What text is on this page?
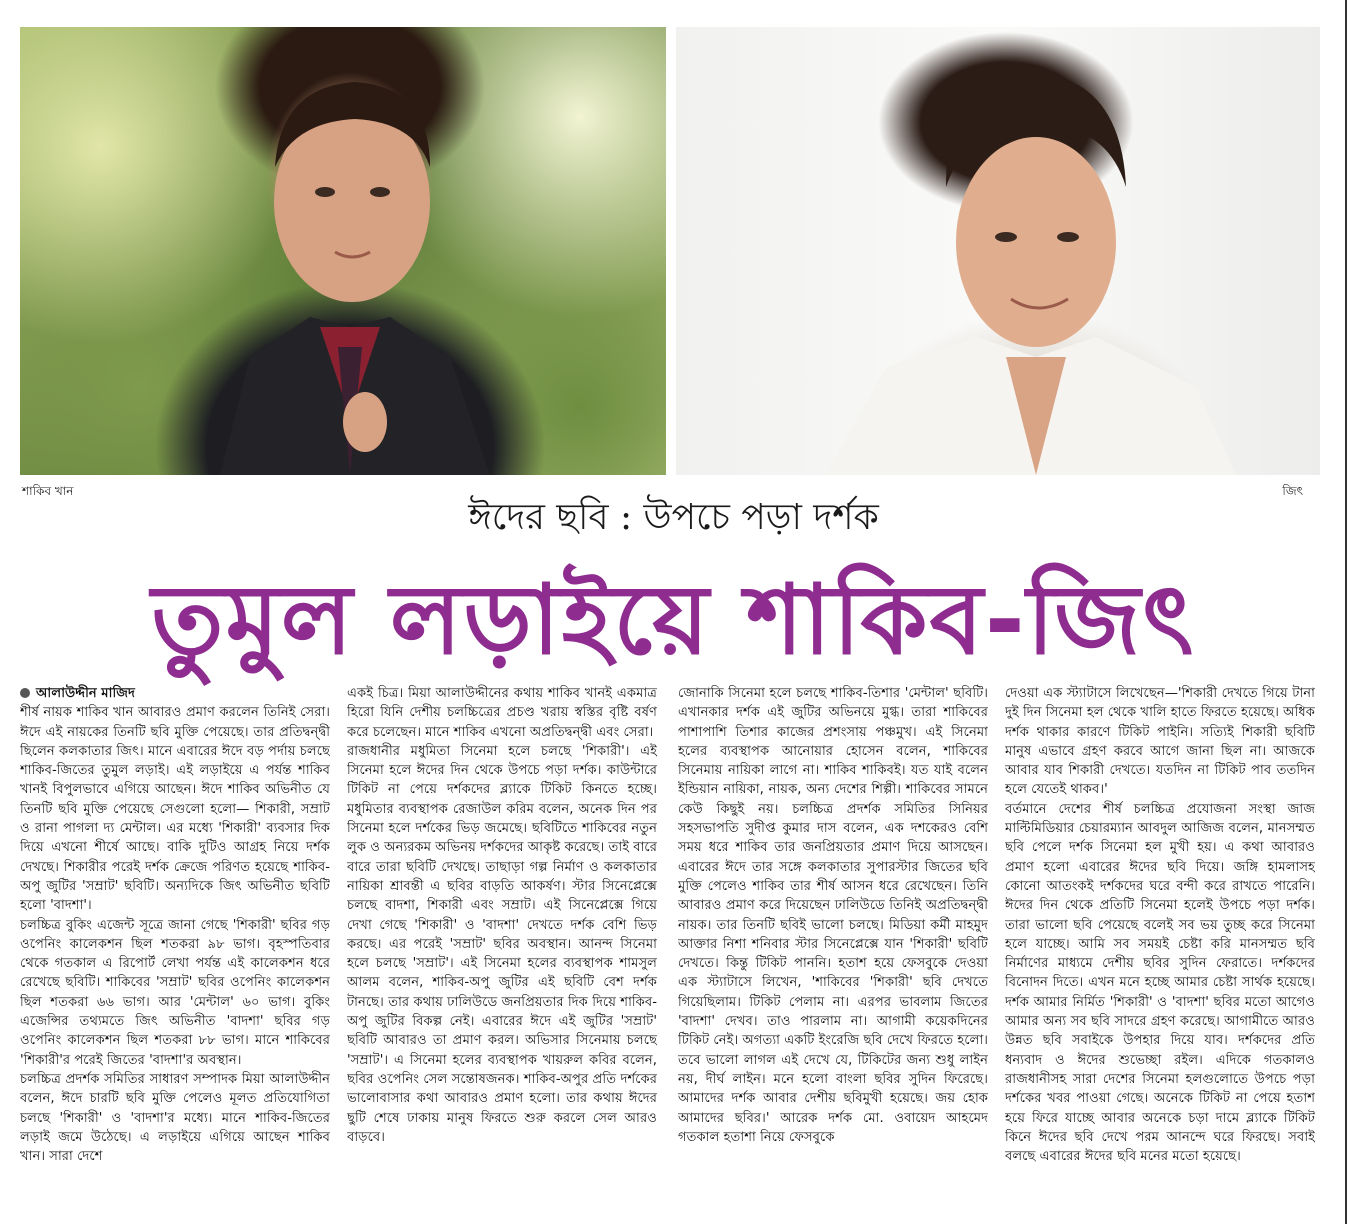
শাকিব খান	জিৎ
ঈদের ছবি : উপচে পড়া দর্শক
তুমুল লড়াইয়ে শাকিব-জিৎ

আলাউদ্দীন মাজিদ

শীর্ষ নায়ক শাকিব খান আবারও প্রমাণ করলেন তিনিই সেরা। ঈদে এই নায়কের তিনটি ছবি মুক্তি পেয়েছে। তার প্রতিদ্বন্দ্বী ছিলেন কলকাতার জিৎ। মানে এবারের ঈদে বড় পর্দায় চলছে শাকিব-জিতের তুমুল লড়াই। এই লড়াইয়ে এ পর্যন্ত শাকিব খানই বিপুলভাবে এগিয়ে আছেন। ঈদে শাকিব অভিনীত যে তিনটি ছবি মুক্তি পেয়েছে সেগুলো হলো— শিকারী, সম্রাট ও রানা পাগলা দ্য মেন্টাল। এর মধ্যে 'শিকারী' ব্যবসার দিক দিয়ে এখনো শীর্ষে আছে। বাকি দুটিও আগ্রহ নিয়ে দর্শক দেখছে। শিকারীর পরেই দর্শক ক্রেজে পরিণত হয়েছে শাকিব-অপু জুটির 'সম্রাট' ছবিটি। অন্যদিকে জিৎ অভিনীত ছবিটি হলো 'বাদশা'।

চলচ্চিত্র বুকিং এজেন্ট সূত্রে জানা গেছে 'শিকারী' ছবির গড় ওপেনিং কালেকশন ছিল শতকরা ৯৮ ভাগ। বৃহস্পতিবার থেকে গতকাল এ রিপোর্ট লেখা পর্যন্ত এই কালেকশন ধরে রেখেছে ছবিটি। শাকিবের 'সম্রাট' ছবির ওপেনিং কালেকশন ছিল শতকরা ৬৬ ভাগ। আর 'মেন্টাল' ৬০ ভাগ। বুকিং এজেন্সির তথ্যমতে জিৎ অভিনীত 'বাদশা' ছবির গড় ওপেনিং কালেকশন ছিল শতকরা ৮৮ ভাগ। মানে শাকিবের 'শিকারী'র পরেই জিতের 'বাদশা'র অবস্থান।

চলচ্চিত্র প্রদর্শক সমিতির সাধারণ সম্পাদক মিয়া আলাউদ্দীন বলেন, ঈদে চারটি ছবি মুক্তি পেলেও মূলত প্রতিযোগিতা চলছে 'শিকারী' ও 'বাদশা'র মধ্যে। মানে শাকিব-জিতের লড়াই জমে উঠেছে। এ লড়াইয়ে এগিয়ে আছেন শাকিব খান। সারা দেশে

একই চিত্র। মিয়া আলাউদ্দীনের কথায় শাকিব খানই একমাত্র হিরো যিনি দেশীয় চলচ্চিত্রের প্রচণ্ড খরায় স্বস্তির বৃষ্টি বর্ষণ করে চলেছেন। মানে শাকিব এখনো অপ্রতিদ্বন্দ্বী এবং সেরা।

রাজধানীর মধুমিতা সিনেমা হলে চলছে 'শিকারী'। এই সিনেমা হলে ঈদের দিন থেকে উপচে পড়া দর্শক। কাউন্টারে টিকিট না পেয়ে দর্শকদের ব্ল্যাকে টিকিট কিনতে হচ্ছে। মধুমিতার ব্যবস্থাপক রেজাউল করিম বলেন, অনেক দিন পর সিনেমা হলে দর্শকের ভিড় জমেছে। ছবিটিতে শাকিবের নতুন লুক ও অন্যরকম অভিনয় দর্শকদের আকৃষ্ট করেছে। তাই বারে বারে তারা ছবিটি দেখছে। তাছাড়া গল্প নির্মাণ ও কলকাতার নায়িকা শ্রাবন্তী এ ছবির বাড়তি আকর্ষণ। স্টার সিনেপ্লেক্সে চলছে বাদশা, শিকারী এবং সম্রাট। এই সিনেপ্লেক্সে গিয়ে দেখা গেছে 'শিকারী' ও 'বাদশা' দেখতে দর্শক বেশি ভিড় করছে। এর পরেই 'সম্রাট' ছবির অবস্থান। আনন্দ সিনেমা হলে চলছে 'সম্রাট'। এই সিনেমা হলের ব্যবস্থাপক শামসুল আলম বলেন, শাকিব-অপু জুটির এই ছবিটি বেশ দর্শক টানছে। তার কথায় ঢালিউডে জনপ্রিয়তার দিক দিয়ে শাকিব-অপু জুটির বিকল্প নেই। এবারের ঈদে এই জুটির 'সম্রাট' ছবিটি আবারও তা প্রমাণ করল। অভিসার সিনেমায় চলছে 'সম্রাট'। এ সিনেমা হলের ব্যবস্থাপক খায়রুল কবির বলেন, ছবির ওপেনিং সেল সন্তোষজনক। শাকিব-অপুর প্রতি দর্শকের ভালোবাসার কথা আবারও প্রমাণ হলো। তার কথায় ঈদের ছুটি শেষে ঢাকায় মানুষ ফিরতে শুরু করলে সেল আরও বাড়বে।

জোনাকি সিনেমা হলে চলছে শাকিব-তিশার 'মেন্টাল' ছবিটি। এখানকার দর্শক এই জুটির অভিনয়ে মুগ্ধ। তারা শাকিবের পাশাপাশি তিশার কাজের প্রশংসায় পঞ্চমুখ। এই সিনেমা হলের ব্যবস্থাপক আনোয়ার হোসেন বলেন, শাকিবের সিনেমায় নায়িকা লাগে না। শাকিব শাকিবই। যত যাই বলেন ইন্ডিয়ান নায়িকা, নায়ক, অন্য দেশের শিল্পী। শাকিবের সামনে কেউ কিছুই নয়। চলচ্চিত্র প্রদর্শক সমিতির সিনিয়র সহসভাপতি সুদীপ্ত কুমার দাস বলেন, এক দশকেরও বেশি সময় ধরে শাকিব তার জনপ্রিয়তার প্রমাণ দিয়ে আসছেন। এবারের ঈদে তার সঙ্গে কলকাতার সুপারস্টার জিতের ছবি মুক্তি পেলেও শাকিব তার শীর্ষ আসন ধরে রেখেছেন। তিনি আবারও প্রমাণ করে দিয়েছেন ঢালিউডে তিনিই অপ্রতিদ্বন্দ্বী নায়ক। তার তিনটি ছবিই ভালো চলছে। মিডিয়া কর্মী মাহমুদ আক্তার নিশা শনিবার স্টার সিনেপ্লেক্সে যান 'শিকারী' ছবিটি দেখতে। কিন্তু টিকিট পাননি। হতাশ হয়ে ফেসবুকে দেওয়া এক স্ট্যাটাসে লিখেন, 'শাকিবের 'শিকারী' ছবি দেখতে গিয়েছিলাম। টিকিট পেলাম না। এরপর ভাবলাম জিতের 'বাদশা' দেখব। তাও পারলাম না। আগামী কয়েকদিনের টিকিট নেই। অগত্যা একটি ইংরেজি ছবি দেখে ফিরতে হলো। তবে ভালো লাগল এই দেখে যে, টিকিটের জন্য শুধু লাইন নয়, দীর্ঘ লাইন। মনে হলো বাংলা ছবির সুদিন ফিরেছে। আমাদের দর্শক আবার দেশীয় ছবিমুখী হয়েছে। জয় হোক আমাদের ছবির।' আরেক দর্শক মো. ওবায়েদ আহমেদ গতকাল হতাশা নিয়ে ফেসবুকে

দেওয়া এক স্ট্যাটাসে লিখেছেন—'শিকারী দেখতে গিয়ে টানা দুই দিন সিনেমা হল থেকে খালি হাতে ফিরতে হয়েছে। অধিক দর্শক থাকার কারণে টিকিট পাইনি। সত্যিই শিকারী ছবিটি মানুষ এভাবে গ্রহণ করবে আগে জানা ছিল না। আজকে আবার যাব শিকারী দেখতে। যতদিন না টিকিট পাব ততদিন হলে যেতেই থাকব।'

বর্তমানে দেশের শীর্ষ চলচ্চিত্র প্রযোজনা সংস্থা জাজ মাল্টিমিডিয়ার চেয়ারম্যান আবদুল আজিজ বলেন, মানসম্মত ছবি পেলে দর্শক সিনেমা হল মুখী হয়। এ কথা আবারও প্রমাণ হলো এবারের ঈদের ছবি দিয়ে। জঙ্গি হামলাসহ কোনো আতংকই দর্শকদের ঘরে বন্দী করে রাখতে পারেনি। ঈদের দিন থেকে প্রতিটি সিনেমা হলেই উপচে পড়া দর্শক। তারা ভালো ছবি পেয়েছে বলেই সব ভয় তুচ্ছ করে সিনেমা হলে যাচ্ছে। আমি সব সময়ই চেষ্টা করি মানসম্মত ছবি নির্মাণের মাধ্যমে দেশীয় ছবির সুদিন ফেরাতে। দর্শকদের বিনোদন দিতে। এখন মনে হচ্ছে আমার চেষ্টা সার্থক হয়েছে। দর্শক আমার নির্মিত 'শিকারী' ও 'বাদশা' ছবির মতো আগেও আমার অন্য সব ছবি সাদরে গ্রহণ করেছে। আগামীতে আরও উন্নত ছবি সবাইকে উপহার দিয়ে যাব। দর্শকদের প্রতি ধন্যবাদ ও ঈদের শুভেচ্ছা রইল। এদিকে গতকালও রাজধানীসহ সারা দেশের সিনেমা হলগুলোতে উপচে পড়া দর্শকের খবর পাওয়া গেছে। অনেকে টিকিট না পেয়ে হতাশ হয়ে ফিরে যাচ্ছে আবার অনেকে চড়া দামে ব্ল্যাকে টিকিট কিনে ঈদের ছবি দেখে পরম আনন্দে ঘরে ফিরছে। সবাই বলছে এবারের ঈদের ছবি মনের মতো হয়েছে।
